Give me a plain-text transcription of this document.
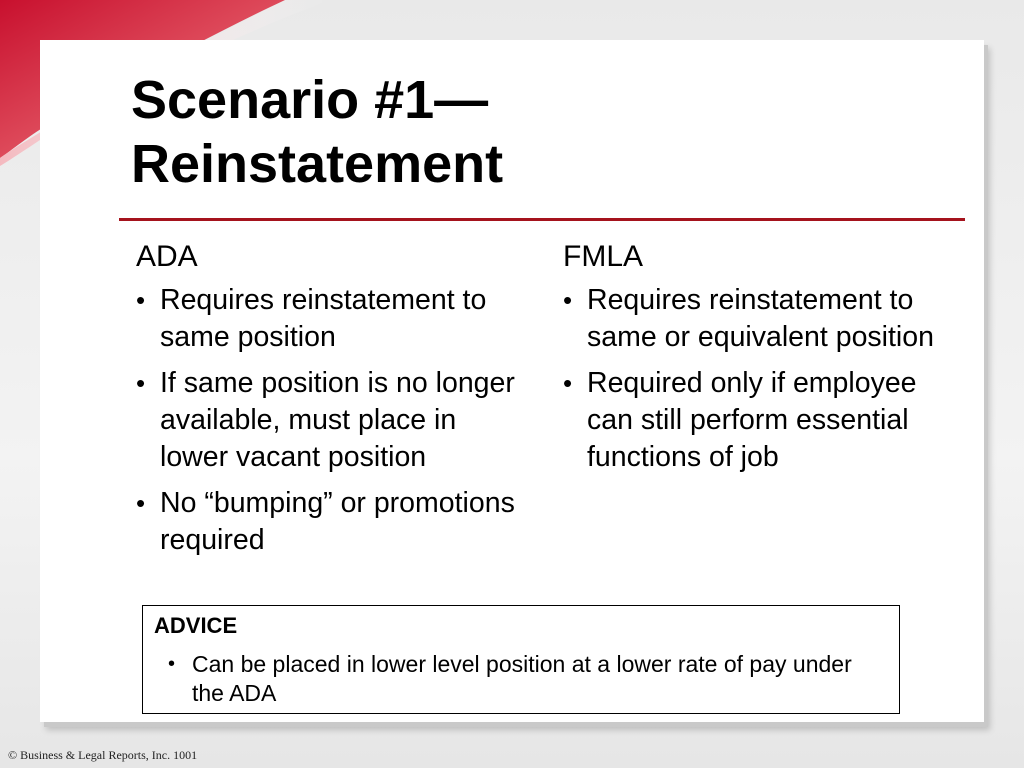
Scenario #1—
Reinstatement
ADA
• Requires reinstatement to same position
• If same position is no longer available, must place in lower vacant position
• No “bumping” or promotions required
FMLA
• Requires reinstatement to same or equivalent position
• Required only if employee can still perform essential functions of job
ADVICE
• Can be placed in lower level position at a lower rate of pay under the ADA
© Business & Legal Reports, Inc. 1001
